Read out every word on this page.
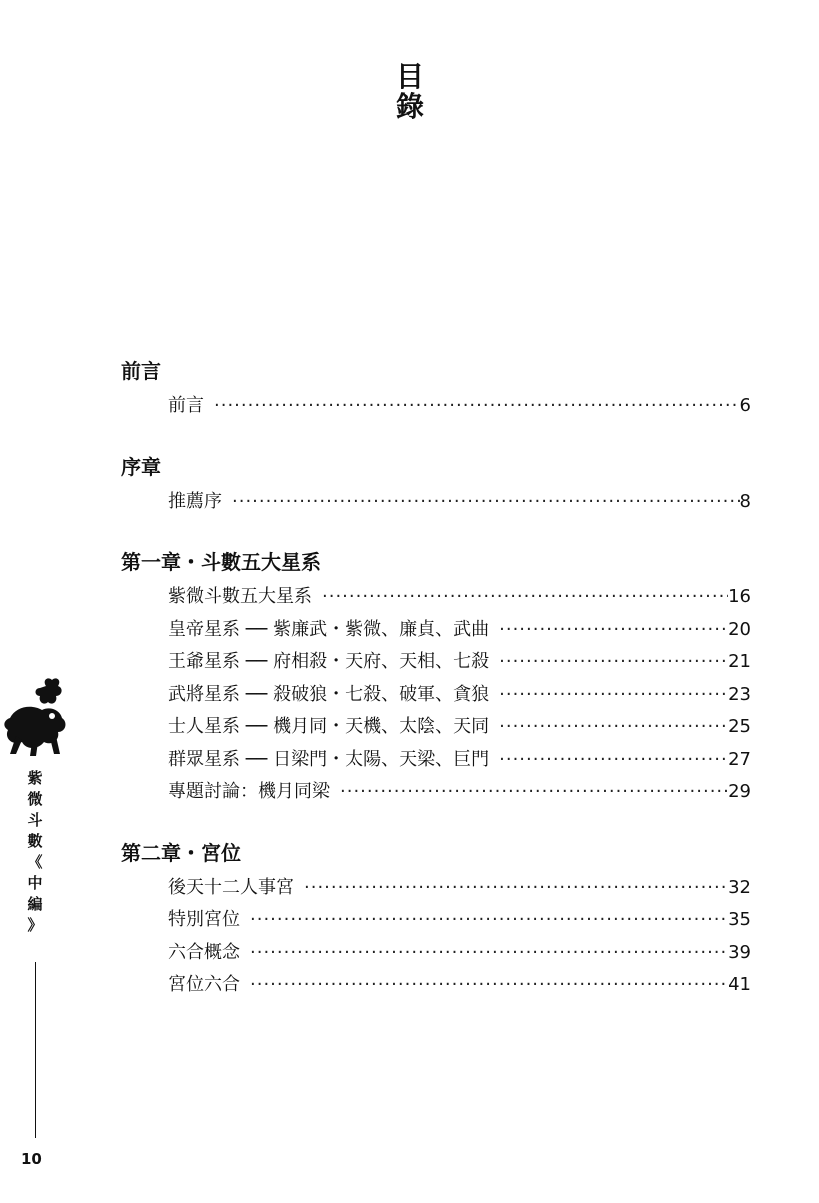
目
錄
前言
前言 ·····	6
序章
推薦序 ·····	8
第一章・斗數五大星系
紫微斗數五大星系 ·····	16
皇帝星系 ── 紫廉武・紫微、廉貞、武曲 ·····	20
王爺星系 ── 府相殺・天府、天相、七殺 ·····	21
武將星系 ── 殺破狼・七殺、破軍、貪狼 ·····	23
士人星系 ── 機月同・天機、太陰、天同 ·····	25
群眾星系 ── 日梁門・太陽、天梁、巨門 ·····	27
專題討論：機月同梁 ·····	29
第二章・宮位
後天十二人事宮 ·····	32
特別宮位 ·····	35
六合概念 ·····	39
宮位六合 ·····	41
紫
微
斗
數
《
中
編
》
10
